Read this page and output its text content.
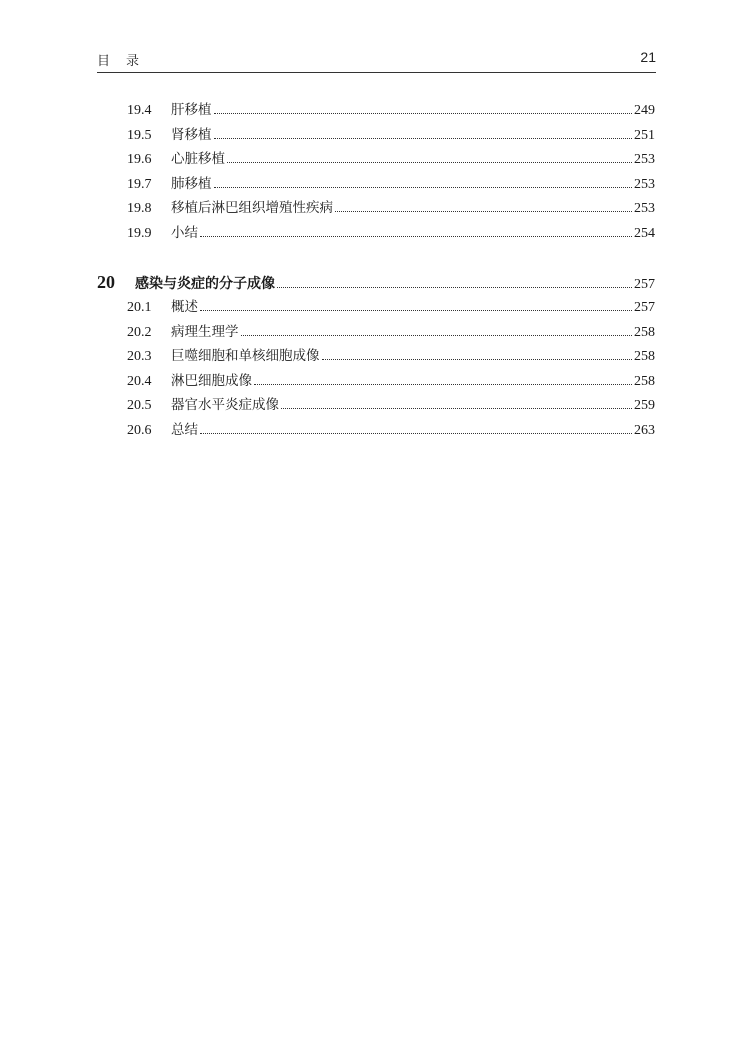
目录	21
19.4	肝移植	249
19.5	肾移植	251
19.6	心脏移植	253
19.7	肺移植	253
19.8	移植后淋巴组织增殖性疾病	253
19.9	小结	254
20	感染与炎症的分子成像	257
20.1	概述	257
20.2	病理生理学	258
20.3	巨噬细胞和单核细胞成像	258
20.4	淋巴细胞成像	258
20.5	器官水平炎症成像	259
20.6	总结	263
